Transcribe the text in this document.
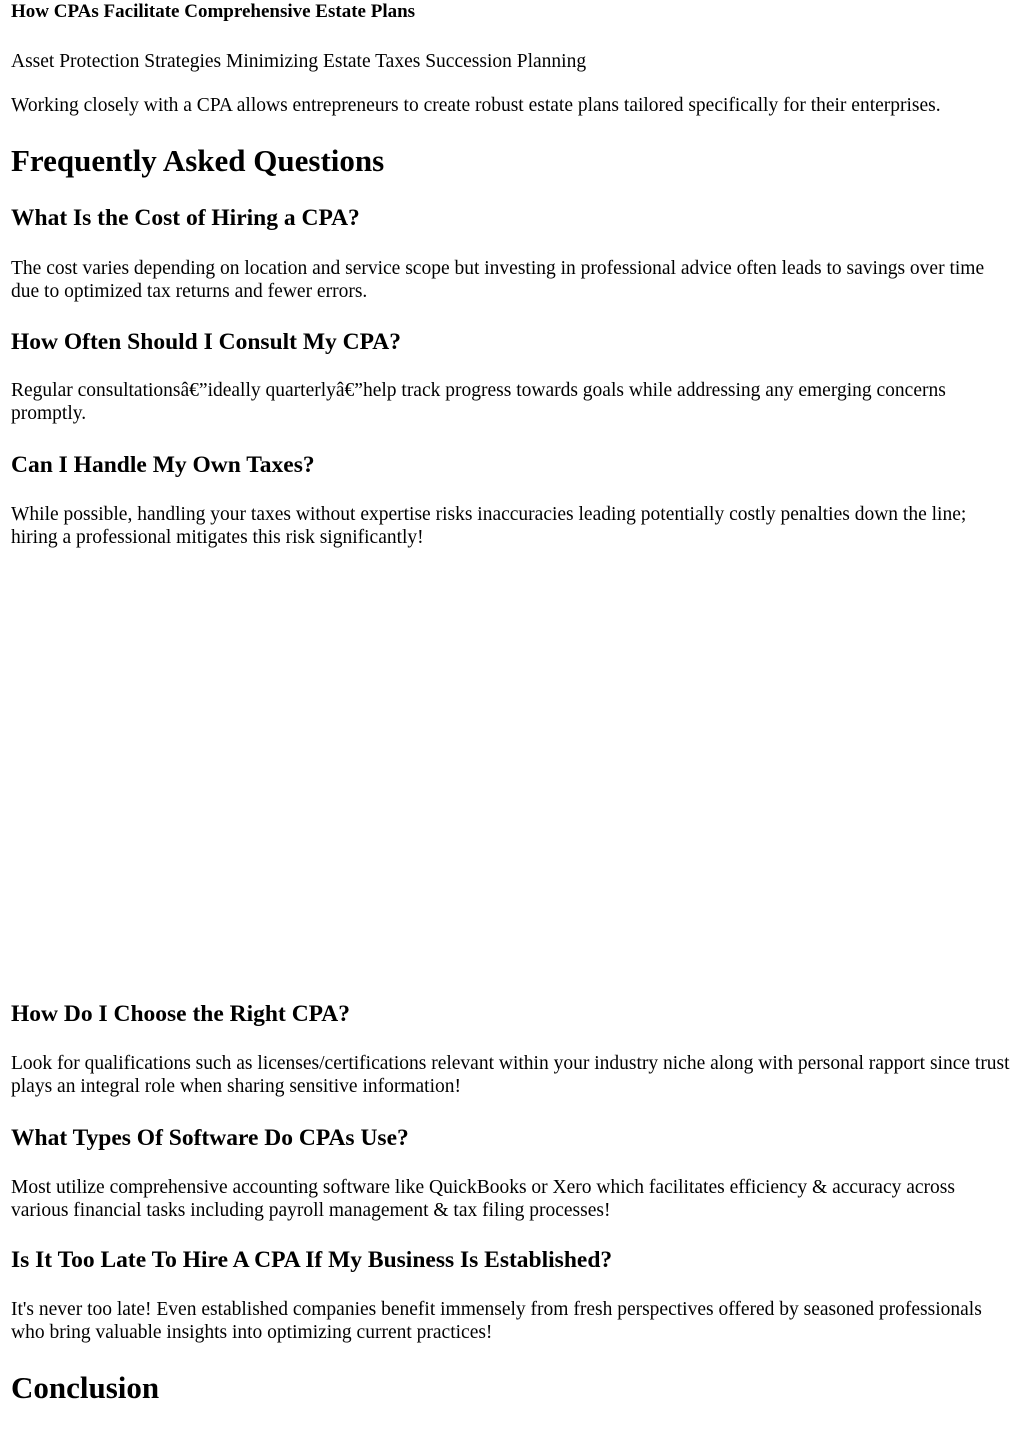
How CPAs Facilitate Comprehensive Estate Plans

Asset Protection Strategies Minimizing Estate Taxes Succession Planning

Working closely with a CPA allows entrepreneurs to create robust estate plans tailored specifically for their enterprises.

Frequently Asked Questions
What Is the Cost of Hiring a CPA?

The cost varies depending on location and service scope but investing in professional advice often leads to savings over time due to optimized tax returns and fewer errors.

How Often Should I Consult My CPA?

Regular consultationsâ€”ideally quarterlyâ€”help track progress towards goals while addressing any emerging concerns promptly.

Can I Handle My Own Taxes?

While possible, handling your taxes without expertise risks inaccuracies leading potentially costly penalties down the line; hiring a professional mitigates this risk significantly!

How Do I Choose the Right CPA?

Look for qualifications such as licenses/certifications relevant within your industry niche along with personal rapport since trust plays an integral role when sharing sensitive information!

What Types Of Software Do CPAs Use?

Most utilize comprehensive accounting software like QuickBooks or Xero which facilitates efficiency & accuracy across various financial tasks including payroll management & tax filing processes!

Is It Too Late To Hire A CPA If My Business Is Established?

It's never too late! Even established companies benefit immensely from fresh perspectives offered by seasoned professionals who bring valuable insights into optimizing current practices!

Conclusion
